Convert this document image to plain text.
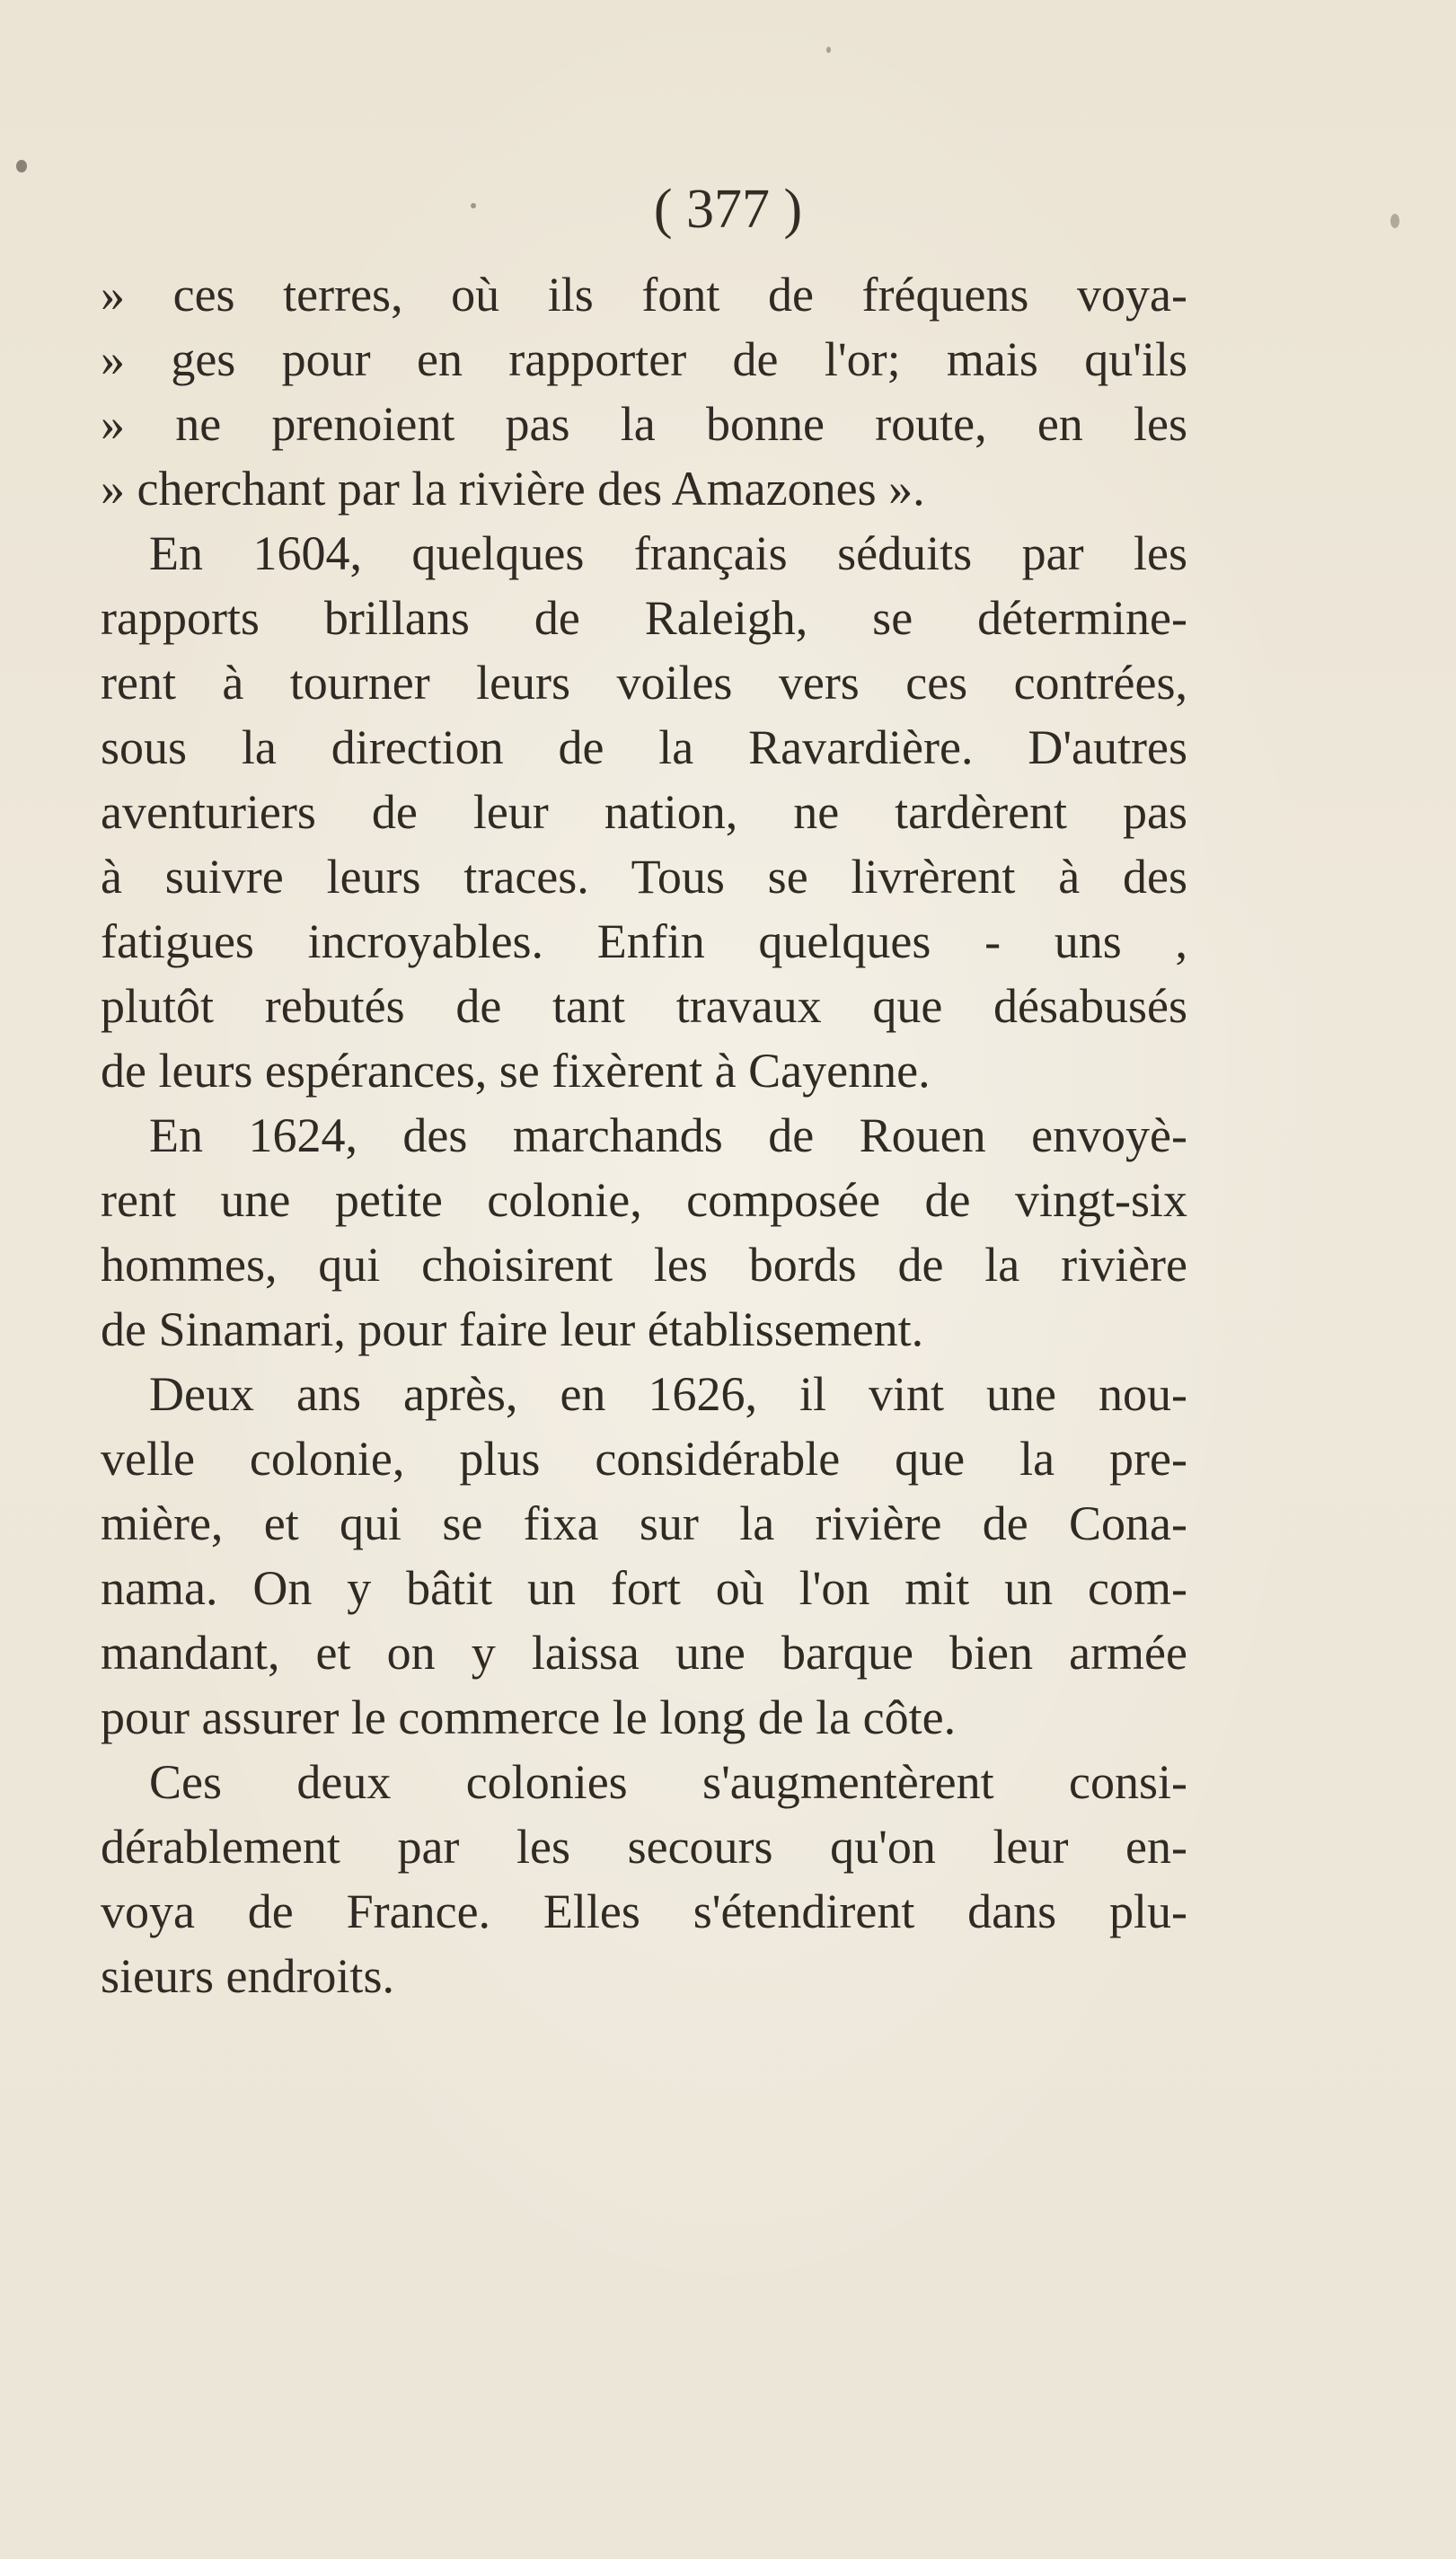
( 377 )
» ces terres, où ils font de fréquens voya-
» ges pour en rapporter de l'or; mais qu'ils
» ne prenoient pas la bonne route, en les
» cherchant par la rivière des Amazones ».
En 1604, quelques français séduits par les
rapports brillans de Raleigh, se détermine-
rent à tourner leurs voiles vers ces contrées,
sous la direction de la Ravardière. D'autres
aventuriers de leur nation, ne tardèrent pas
à suivre leurs traces. Tous se livrèrent à des
fatigues incroyables. Enfin quelques - uns ,
plutôt rebutés de tant travaux que désabusés
de leurs espérances, se fixèrent à Cayenne.
En 1624, des marchands de Rouen envoyè-
rent une petite colonie, composée de vingt-six
hommes, qui choisirent les bords de la rivière
de Sinamari, pour faire leur établissement.
Deux ans après, en 1626, il vint une nou-
velle colonie, plus considérable que la pre-
mière, et qui se fixa sur la rivière de Cona-
nama. On y bâtit un fort où l'on mit un com-
mandant, et on y laissa une barque bien armée
pour assurer le commerce le long de la côte.
Ces deux colonies s'augmentèrent consi-
dérablement par les secours qu'on leur en-
voya de France. Elles s'étendirent dans plu-
sieurs endroits.
